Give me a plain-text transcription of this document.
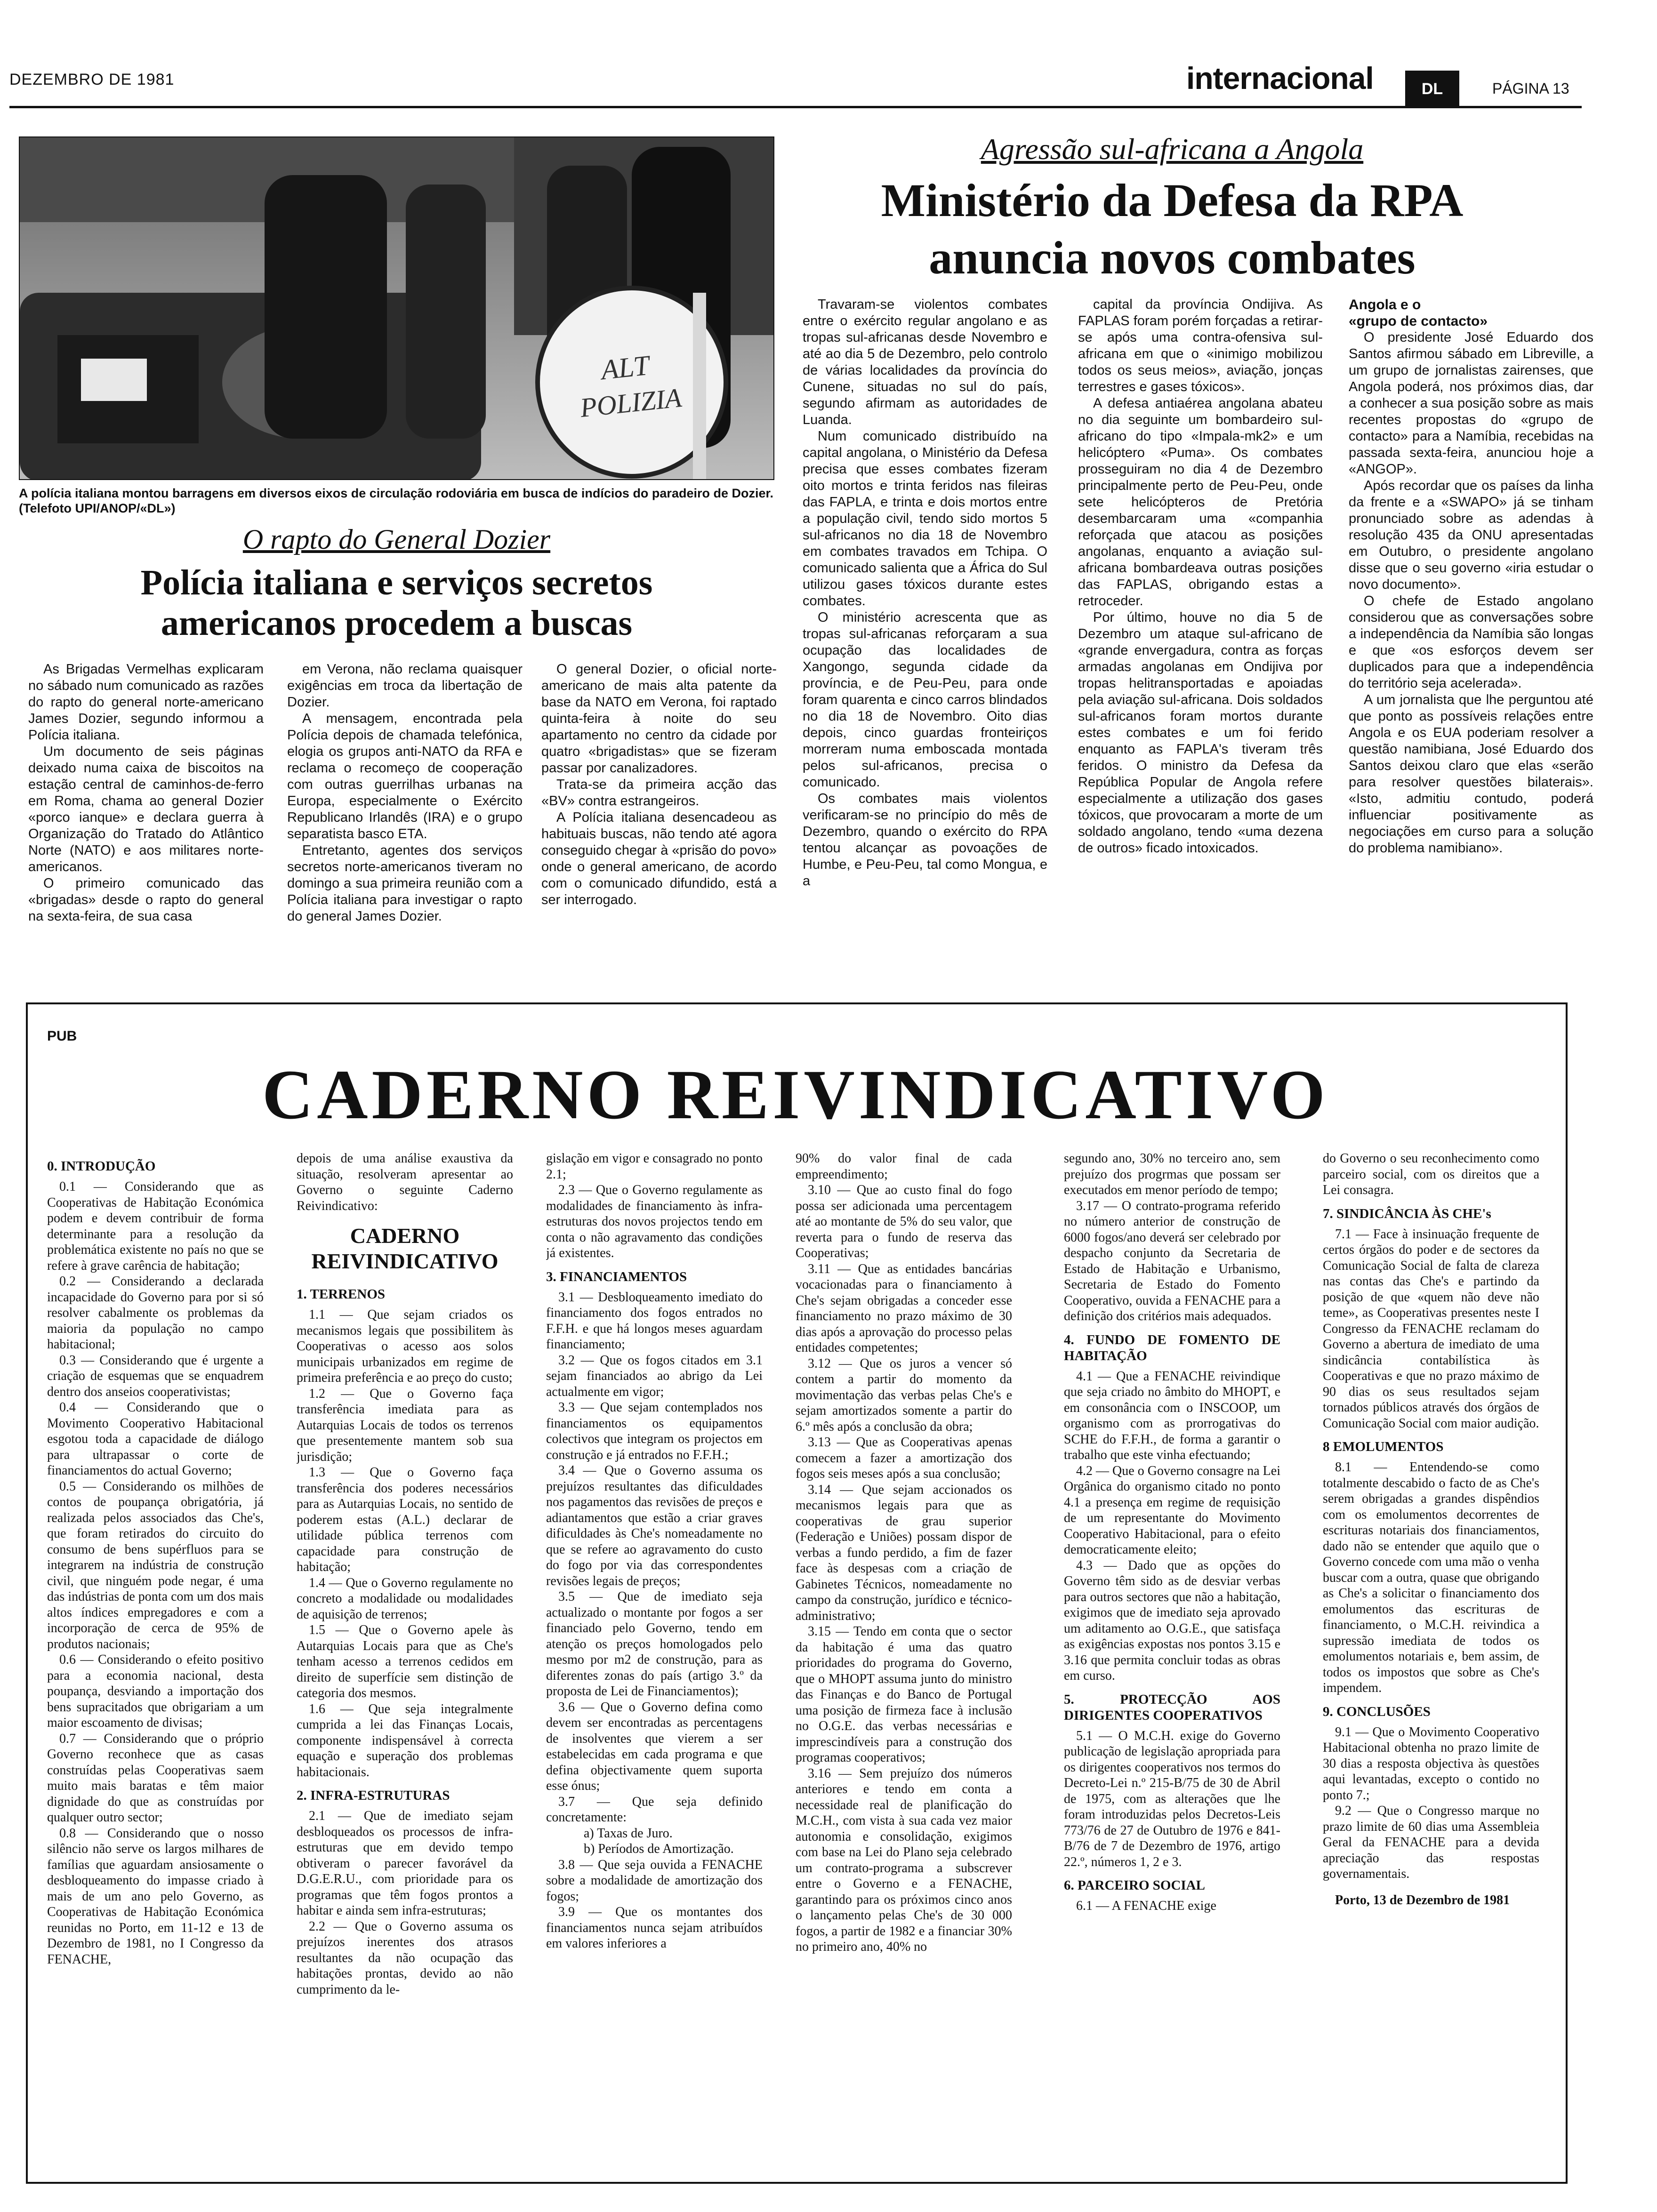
DEZEMBRO DE 1981	internacional	DL	PÁGINA 13
ALT
POLIZIA
A polícia italiana montou barragens em diversos eixos de circulação rodoviária em busca de indícios do paradeiro de Dozier. (Telefoto UPI/ANOP/«DL»)
O rapto do General Dozier
Polícia italiana e serviços secretos
americanos procedem a buscas

As Brigadas Vermelhas explicaram no sábado num comunicado as razões do rapto do general norte-americano James Dozier, segundo informou a Polícia italiana.

Um documento de seis páginas deixado numa caixa de biscoitos na estação central de caminhos-de-ferro em Roma, chama ao general Dozier «porco ianque» e declara guerra à Organização do Tratado do Atlântico Norte (NATO) e aos militares norte-americanos.

O primeiro comunicado das «brigadas» desde o rapto do general na sexta-feira, de sua casa

em Verona, não reclama quaisquer exigências em troca da libertação de Dozier.

A mensagem, encontrada pela Polícia depois de chamada telefónica, elogia os grupos anti-NATO da RFA e reclama o recomeço de cooperação com outras guerrilhas urbanas na Europa, especialmente o Exército Republicano Irlandês (IRA) e o grupo separatista basco ETA.

Entretanto, agentes dos serviços secretos norte-americanos tiveram no domingo a sua primeira reunião com a Polícia italiana para investigar o rapto do general James Dozier.

O general Dozier, o oficial norte-americano de mais alta patente da base da NATO em Verona, foi raptado quinta-feira à noite do seu apartamento no centro da cidade por quatro «brigadistas» que se fizeram passar por canalizadores.

Trata-se da primeira acção das «BV» contra estrangeiros.

A Polícia italiana desencadeou as habituais buscas, não tendo até agora conseguido chegar à «prisão do povo» onde o general americano, de acordo com o comunicado difundido, está a ser interrogado.

Agressão sul-africana a Angola
Ministério da Defesa da RPA
anuncia novos combates

Travaram-se violentos combates entre o exército regular angolano e as tropas sul-africanas desde Novembro e até ao dia 5 de Dezembro, pelo controlo de várias localidades da província do Cunene, situadas no sul do país, segundo afirmam as autoridades de Luanda.

Num comunicado distribuído na capital angolana, o Ministério da Defesa precisa que esses combates fizeram oito mortos e trinta feridos nas fileiras das FAPLA, e trinta e dois mortos entre a população civil, tendo sido mortos 5 sul-africanos no dia 18 de Novembro em combates travados em Tchipa. O comunicado salienta que a África do Sul utilizou gases tóxicos durante estes combates.

O ministério acrescenta que as tropas sul-africanas reforçaram a sua ocupação das localidades de Xangongo, segunda cidade da província, e de Peu-Peu, para onde foram quarenta e cinco carros blindados no dia 18 de Novembro. Oito dias depois, cinco guardas fronteiriços morreram numa emboscada montada pelos sul-africanos, precisa o comunicado.

Os combates mais violentos verificaram-se no princípio do mês de Dezembro, quando o exército do RPA tentou alcançar as povoações de Humbe, e Peu-Peu, tal como Mongua, e a

capital da província Ondijiva. As FAPLAS foram porém forçadas a retirar-se após uma contra-ofensiva sul-africana em que o «inimigo mobilizou todos os seus meios», aviação, jonças terrestres e gases tóxicos».

A defesa antiaérea angolana abateu no dia seguinte um bombardeiro sul-africano do tipo «Impala-mk2» e um helicóptero «Puma». Os combates prosseguiram no dia 4 de Dezembro principalmente perto de Peu-Peu, onde sete helicópteros de Pretória desembarcaram uma «companhia reforçada que atacou as posições angolanas, enquanto a aviação sul-africana bombardeava outras posições das FAPLAS, obrigando estas a retroceder.

Por último, houve no dia 5 de Dezembro um ataque sul-africano de «grande envergadura, contra as forças armadas angolanas em Ondijiva por tropas helitransportadas e apoiadas pela aviação sul-africana. Dois soldados sul-africanos foram mortos durante estes combates e um foi ferido enquanto as FAPLA's tiveram três feridos. O ministro da Defesa da República Popular de Angola refere especialmente a utilização dos gases tóxicos, que provocaram a morte de um soldado angolano, tendo «uma dezena de outros» ficado intoxicados.

Angola e o
«grupo de contacto»

O presidente José Eduardo dos Santos afirmou sábado em Libreville, a um grupo de jornalistas zairenses, que Angola poderá, nos próximos dias, dar a conhecer a sua posição sobre as mais recentes propostas do «grupo de contacto» para a Namíbia, recebidas na passada sexta-feira, anunciou hoje a «ANGOP».

Após recordar que os países da linha da frente e a «SWAPO» já se tinham pronunciado sobre as adendas à resolução 435 da ONU apresentadas em Outubro, o presidente angolano disse que o seu governo «iria estudar o novo documento».

O chefe de Estado angolano considerou que as conversações sobre a independência da Namíbia são longas e que «os esforços devem ser duplicados para que a independência do território seja acelerada».

A um jornalista que lhe perguntou até que ponto as possíveis relações entre Angola e os EUA poderiam resolver a questão namibiana, José Eduardo dos Santos deixou claro que elas «serão para resolver questões bilaterais». «Isto, admitiu contudo, poderá influenciar positivamente as negociações em curso para a solução do problema namibiano».

PUB
CADERNO REIVINDICATIVO
0. INTRODUÇÃO

0.1 — Considerando que as Cooperativas de Habitação Económica podem e devem contribuir de forma determinante para a resolução da problemática existente no país no que se refere à grave carência de habitação;

0.2 — Considerando a declarada incapacidade do Governo para por si só resolver cabalmente os problemas da maioria da população no campo habitacional;

0.3 — Considerando que é urgente a criação de esquemas que se enquadrem dentro dos anseios cooperativistas;

0.4 — Considerando que o Movimento Cooperativo Habitacional esgotou toda a capacidade de diálogo para ultrapassar o corte de financiamentos do actual Governo;

0.5 — Considerando os milhões de contos de poupança obrigatória, já realizada pelos associados das Che's, que foram retirados do circuito do consumo de bens supérfluos para se integrarem na indústria de construção civil, que ninguém pode negar, é uma das indústrias de ponta com um dos mais altos índices empregadores e com a incorporação de cerca de 95% de produtos nacionais;

0.6 — Considerando o efeito positivo para a economia nacional, desta poupança, desviando a importação dos bens supracitados que obrigariam a um maior escoamento de divisas;

0.7 — Considerando que o próprio Governo reconhece que as casas construídas pelas Cooperativas saem muito mais baratas e têm maior dignidade do que as construídas por qualquer outro sector;

0.8 — Considerando que o nosso silêncio não serve os largos milhares de famílias que aguardam ansiosamente o desbloqueamento do impasse criado à mais de um ano pelo Governo, as Cooperativas de Habitação Económica reunidas no Porto, em 11-12 e 13 de Dezembro de 1981, no I Congresso da FENACHE,

depois de uma análise exaustiva da situação, resolveram apresentar ao Governo o seguinte Caderno Reivindicativo:

CADERNO REIVINDICATIVO
1. TERRENOS

1.1 — Que sejam criados os mecanismos legais que possibilitem às Cooperativas o acesso aos solos municipais urbanizados em regime de primeira preferência e ao preço do custo;

1.2 — Que o Governo faça transferência imediata para as Autarquias Locais de todos os terrenos que presentemente mantem sob sua jurisdição;

1.3 — Que o Governo faça transferência dos poderes necessários para as Autarquias Locais, no sentido de poderem estas (A.L.) declarar de utilidade pública terrenos com capacidade para construção de habitação;

1.4 — Que o Governo regulamente no concreto a modalidade ou modalidades de aquisição de terrenos;

1.5 — Que o Governo apele às Autarquias Locais para que as Che's tenham acesso a terrenos cedidos em direito de superfície sem distinção de categoria dos mesmos.

1.6 — Que seja integralmente cumprida a lei das Finanças Locais, componente indispensável à correcta equação e superação dos problemas habitacionais.

2. INFRA-ESTRUTURAS

2.1 — Que de imediato sejam desbloqueados os processos de infra-estruturas que em devido tempo obtiveram o parecer favorável da D.G.E.R.U., com prioridade para os programas que têm fogos prontos a habitar e ainda sem infra-estruturas;

2.2 — Que o Governo assuma os prejuízos inerentes dos atrasos resultantes da não ocupação das habitações prontas, devido ao não cumprimento da le-

gislação em vigor e consagrado no ponto 2.1;

2.3 — Que o Governo regulamente as modalidades de financiamento às infra-estruturas dos novos projectos tendo em conta o não agravamento das condições já existentes.

3. FINANCIAMENTOS

3.1 — Desbloqueamento imediato do financiamento dos fogos entrados no F.F.H. e que há longos meses aguardam financiamento;

3.2 — Que os fogos citados em 3.1 sejam financiados ao abrigo da Lei actualmente em vigor;

3.3 — Que sejam contemplados nos financiamentos os equipamentos colectivos que integram os projectos em construção e já entrados no F.F.H.;

3.4 — Que o Governo assuma os prejuízos resultantes das dificuldades nos pagamentos das revisões de preços e adiantamentos que estão a criar graves dificuldades às Che's nomeadamente no que se refere ao agravamento do custo do fogo por via das correspondentes revisões legais de preços;

3.5 — Que de imediato seja actualizado o montante por fogos a ser financiado pelo Governo, tendo em atenção os preços homologados pelo mesmo por m2 de construção, para as diferentes zonas do país (artigo 3.º da proposta de Lei de Financiamentos);

3.6 — Que o Governo defina como devem ser encontradas as percentagens de insolventes que vierem a ser estabelecidas em cada programa e que defina objectivamente quem suporta esse ónus;

3.7 — Que seja definido concretamente:

a) Taxas de Juro.

b) Períodos de Amortização.

3.8 — Que seja ouvida a FENACHE sobre a modalidade de amortização dos fogos;

3.9 — Que os montantes dos financiamentos nunca sejam atribuídos em valores inferiores a

90% do valor final de cada empreendimento;

3.10 — Que ao custo final do fogo possa ser adicionada uma percentagem até ao montante de 5% do seu valor, que reverta para o fundo de reserva das Cooperativas;

3.11 — Que as entidades bancárias vocacionadas para o financiamento à Che's sejam obrigadas a conceder esse financiamento no prazo máximo de 30 dias após a aprovação do processo pelas entidades competentes;

3.12 — Que os juros a vencer só contem a partir do momento da movimentação das verbas pelas Che's e sejam amortizados somente a partir do 6.º mês após a conclusão da obra;

3.13 — Que as Cooperativas apenas comecem a fazer a amortização dos fogos seis meses após a sua conclusão;

3.14 — Que sejam accionados os mecanismos legais para que as cooperativas de grau superior (Federação e Uniões) possam dispor de verbas a fundo perdido, a fim de fazer face às despesas com a criação de Gabinetes Técnicos, nomeadamente no campo da construção, jurídico e técnico-administrativo;

3.15 — Tendo em conta que o sector da habitação é uma das quatro prioridades do programa do Governo, que o MHOPT assuma junto do ministro das Finanças e do Banco de Portugal uma posição de firmeza face à inclusão no O.G.E. das verbas necessárias e imprescindíveis para a construção dos programas cooperativos;

3.16 — Sem prejuízo dos números anteriores e tendo em conta a necessidade real de planificação do M.C.H., com vista à sua cada vez maior autonomia e consolidação, exigimos com base na Lei do Plano seja celebrado um contrato-programa a subscrever entre o Governo e a FENACHE, garantindo para os próximos cinco anos o lançamento pelas Che's de 30 000 fogos, a partir de 1982 e a financiar 30% no primeiro ano, 40% no

segundo ano, 30% no terceiro ano, sem prejuízo dos progrmas que possam ser executados em menor período de tempo;

3.17 — O contrato-programa referido no número anterior de construção de 6000 fogos/ano deverá ser celebrado por despacho conjunto da Secretaria de Estado de Habitação e Urbanismo, Secretaria de Estado do Fomento Cooperativo, ouvida a FENACHE para a definição dos critérios mais adequados.

4. FUNDO DE FOMENTO DE HABITAÇÃO

4.1 — Que a FENACHE reivindique que seja criado no âmbito do MHOPT, e em consonância com o INSCOOP, um organismo com as prorrogativas do SCHE do F.F.H., de forma a garantir o trabalho que este vinha efectuando;

4.2 — Que o Governo consagre na Lei Orgânica do organismo citado no ponto 4.1 a presença em regime de requisição de um representante do Movimento Cooperativo Habitacional, para o efeito democraticamente eleito;

4.3 — Dado que as opções do Governo têm sido as de desviar verbas para outros sectores que não a habitação, exigimos que de imediato seja aprovado um aditamento ao O.G.E., que satisfaça as exigências expostas nos pontos 3.15 e 3.16 que permita concluir todas as obras em curso.

5. PROTECÇÃO AOS DIRIGENTES COOPERATIVOS

5.1 — O M.C.H. exige do Governo publicação de legislação apropriada para os dirigentes cooperativos nos termos do Decreto-Lei n.º 215-B/75 de 30 de Abril de 1975, com as alterações que lhe foram introduzidas pelos Decretos-Leis 773/76 de 27 de Outubro de 1976 e 841-B/76 de 7 de Dezembro de 1976, artigo 22.º, números 1, 2 e 3.

6. PARCEIRO SOCIAL

6.1 — A FENACHE exige

do Governo o seu reconhecimento como parceiro social, com os direitos que a Lei consagra.

7. SINDICÂNCIA ÀS CHE's

7.1 — Face à insinuação frequente de certos órgãos do poder e de sectores da Comunicação Social de falta de clareza nas contas das Che's e partindo da posição de que «quem não deve não teme», as Cooperativas presentes neste I Congresso da FENACHE reclamam do Governo a abertura de imediato de uma sindicância contabilística às Cooperativas e que no prazo máximo de 90 dias os seus resultados sejam tornados públicos através dos órgãos de Comunicação Social com maior audição.

8 EMOLUMENTOS

8.1 — Entendendo-se como totalmente descabido o facto de as Che's serem obrigadas a grandes dispêndios com os emolumentos decorrentes de escrituras notariais dos financiamentos, dado não se entender que aquilo que o Governo concede com uma mão o venha buscar com a outra, quase que obrigando as Che's a solicitar o financiamento dos emolumentos das escrituras de financiamento, o M.C.H. reivindica a supressão imediata de todos os emolumentos notariais e, bem assim, de todos os impostos que sobre as Che's impendem.

9. CONCLUSÕES

9.1 — Que o Movimento Cooperativo Habitacional obtenha no prazo limite de 30 dias a resposta objectiva às questões aqui levantadas, excepto o contido no ponto 7.;

9.2 — Que o Congresso marque no prazo limite de 60 dias uma Assembleia Geral da FENACHE para a devida apreciação das respostas governamentais.

Porto, 13 de Dezembro de 1981
